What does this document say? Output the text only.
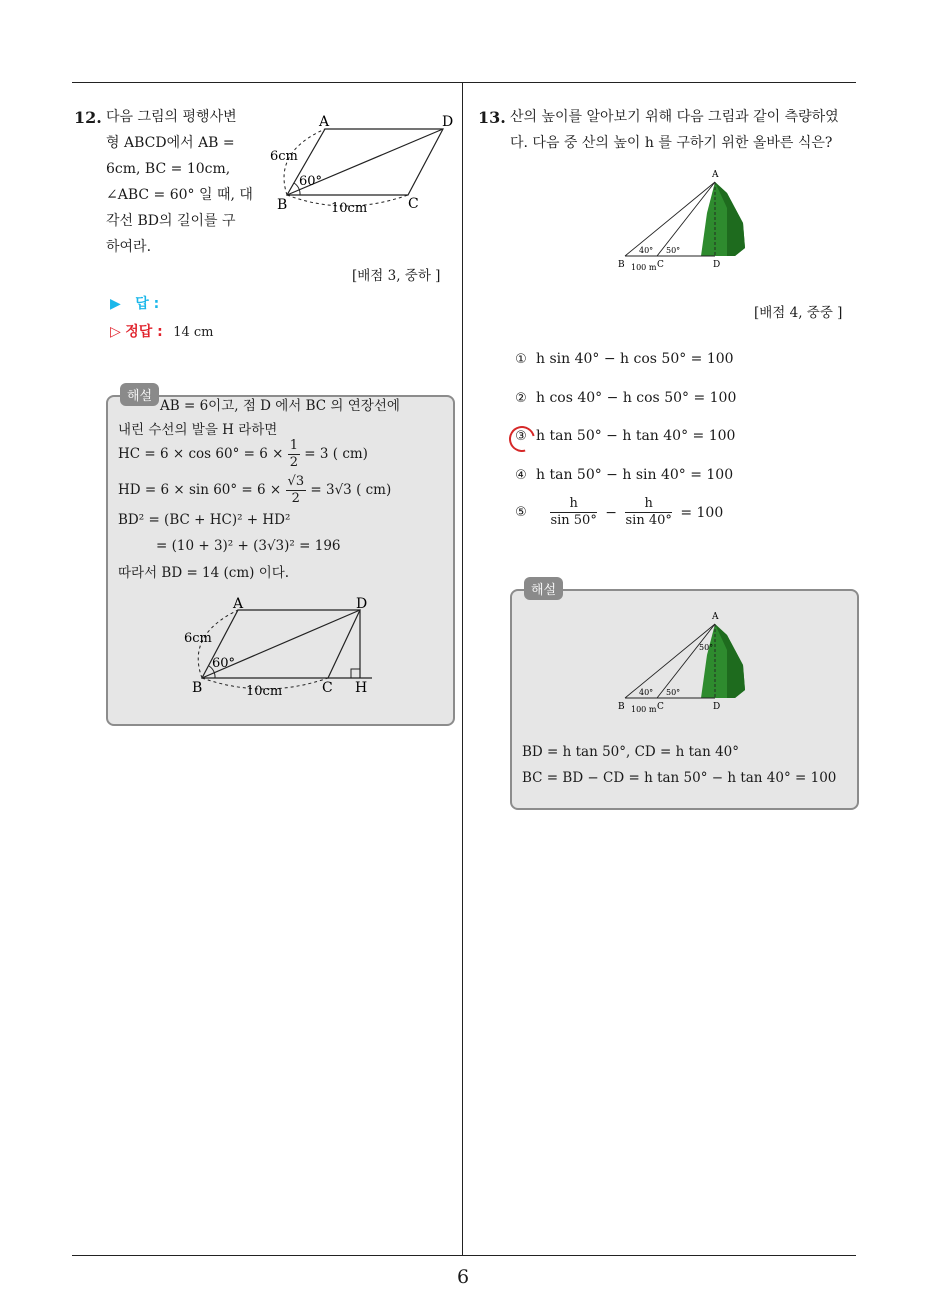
6
12. 다음 그림의 평행사변
형 ABCD에서 AB =
6cm, BC = 10cm,
∠ABC = 60° 일 때, 대
각선 BD의 길이를 구
하여라.
A	D
B	C
6cm
10cm
60°
[배점 3, 중하 ]
▶ 답 :
▷ 정답 : 14 cm
해설
AB = 6이고, 점 D 에서 BC 의 연장선에
내린 수선의 발을 H 라하면
HC = $6 \times \cos 60^\circ = 6 \times \frac{1}{2} = 3$ ( cm)
HD = $6 \times \sin 60^\circ = 6 \times \frac{√3}{2} = 3√3$ ( cm)
BD² = (BC + HC)² + HD²
= (10 + 3)² + (3√3)² = 196
따라서 BD = 14 (cm) 이다.
A	D
B	C H
6cm
10cm
60°
13. 산의 높이를 알아보기 위해 다음 그림과 같이 측량하였
다. 다음 중 산의 높이 h 를 구하기 위한 올바른 식은?
A
B	C	D
40° 50°
100 m
[배점 4, 중중 ]
① h sin 40° − h cos 50° = 100
② h cos 40° − h cos 50° = 100
③ h tan 50° − h tan 40° = 100
④ h tan 50° − h sin 40° = 100
⑤ $\frac{h}{\sin 50^\circ} - \frac{h}{\sin 40^\circ} = 100$
해설
A
B	C	D
40° 50°
50°
100 m
BD = h tan 50°, CD = h tan 40°
BC = BD − CD = h tan 50° − h tan 40° = 100
